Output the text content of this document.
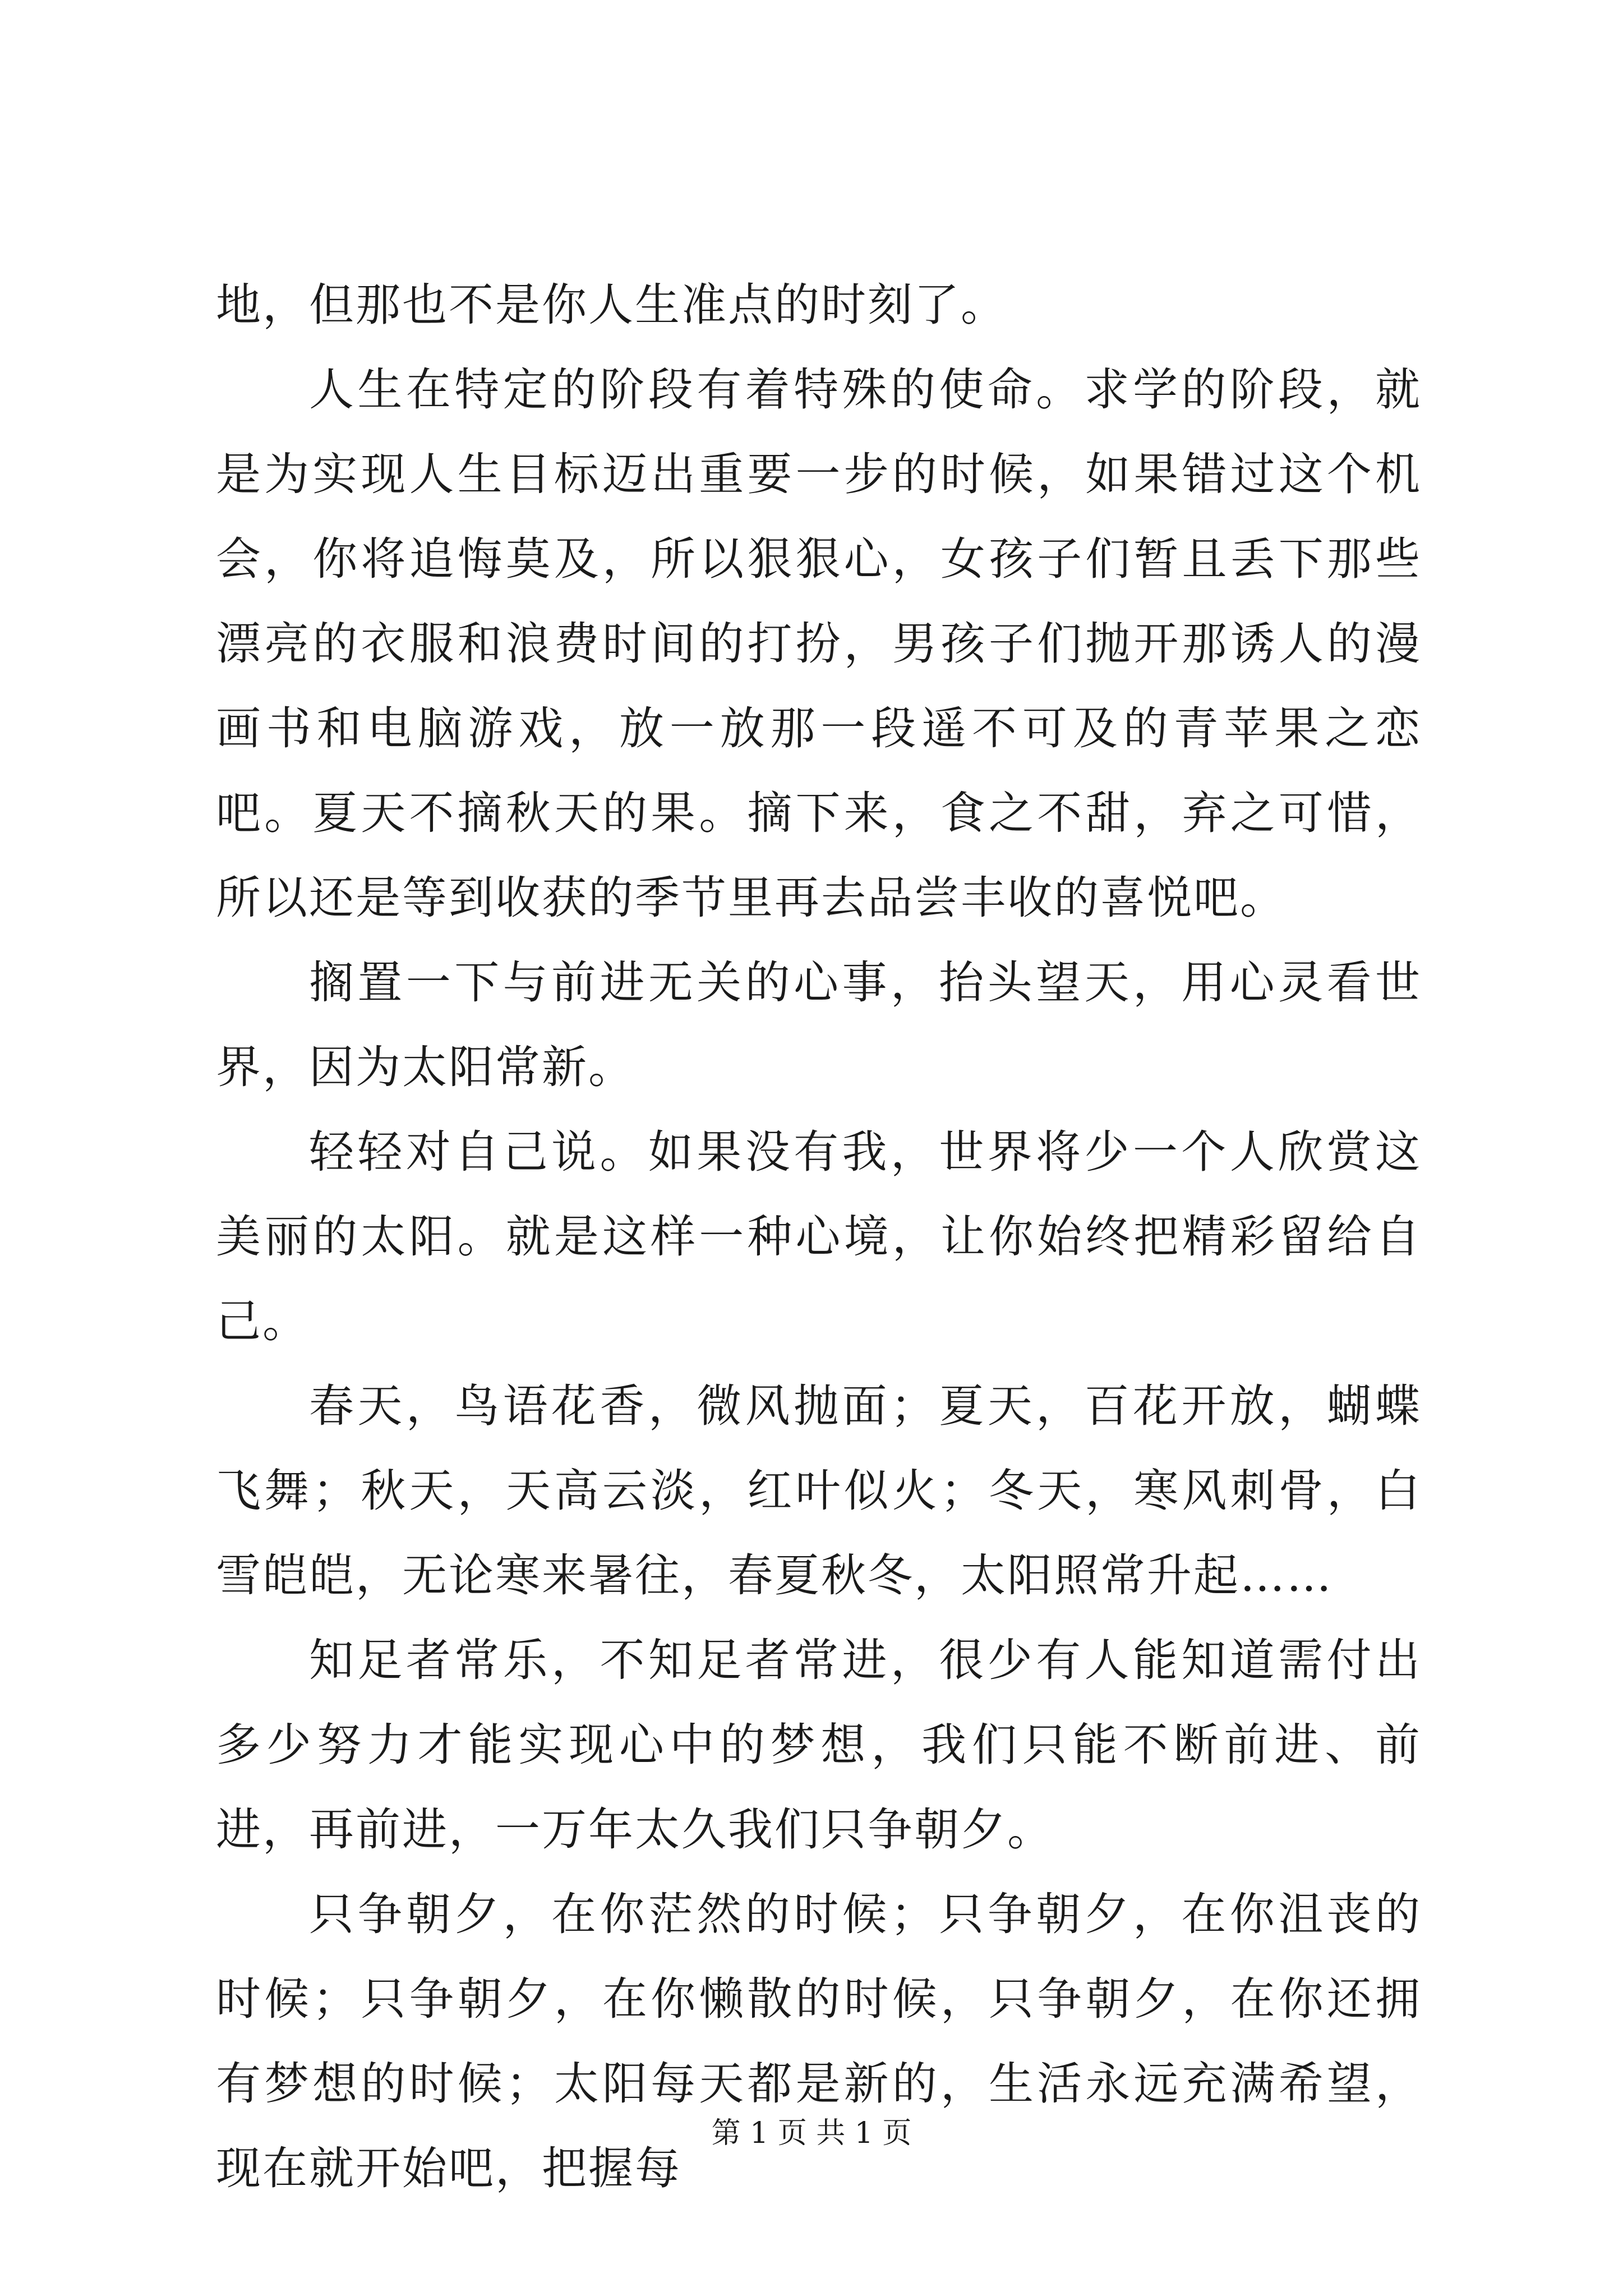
地，但那也不是你人生准点的时刻了。

人生在特定的阶段有着特殊的使命。求学的阶段，就是为实现人生目标迈出重要一步的时候，如果错过这个机会，你将追悔莫及，所以狠狠心，女孩子们暂且丢下那些漂亮的衣服和浪费时间的打扮，男孩子们抛开那诱人的漫画书和电脑游戏，放一放那一段遥不可及的青苹果之恋吧。夏天不摘秋天的果。摘下来，食之不甜，弃之可惜，所以还是等到收获的季节里再去品尝丰收的喜悦吧。

搁置一下与前进无关的心事，抬头望天，用心灵看世界，因为太阳常新。

轻轻对自己说。如果没有我，世界将少一个人欣赏这美丽的太阳。就是这样一种心境，让你始终把精彩留给自己。

春天，鸟语花香，微风抛面；夏天，百花开放，蝴蝶飞舞；秋天，天高云淡，红叶似火；冬天，寒风刺骨，白雪皑皑，无论寒来暑往，春夏秋冬，太阳照常升起……

知足者常乐，不知足者常进，很少有人能知道需付出多少努力才能实现心中的梦想，我们只能不断前进、前进，再前进，一万年太久我们只争朝夕。

只争朝夕，在你茫然的时候；只争朝夕，在你沮丧的时候；只争朝夕，在你懒散的时候，只争朝夕，在你还拥有梦想的时候；太阳每天都是新的，生活永远充满希望，现在就开始吧，把握每

第 1 页 共 1 页
